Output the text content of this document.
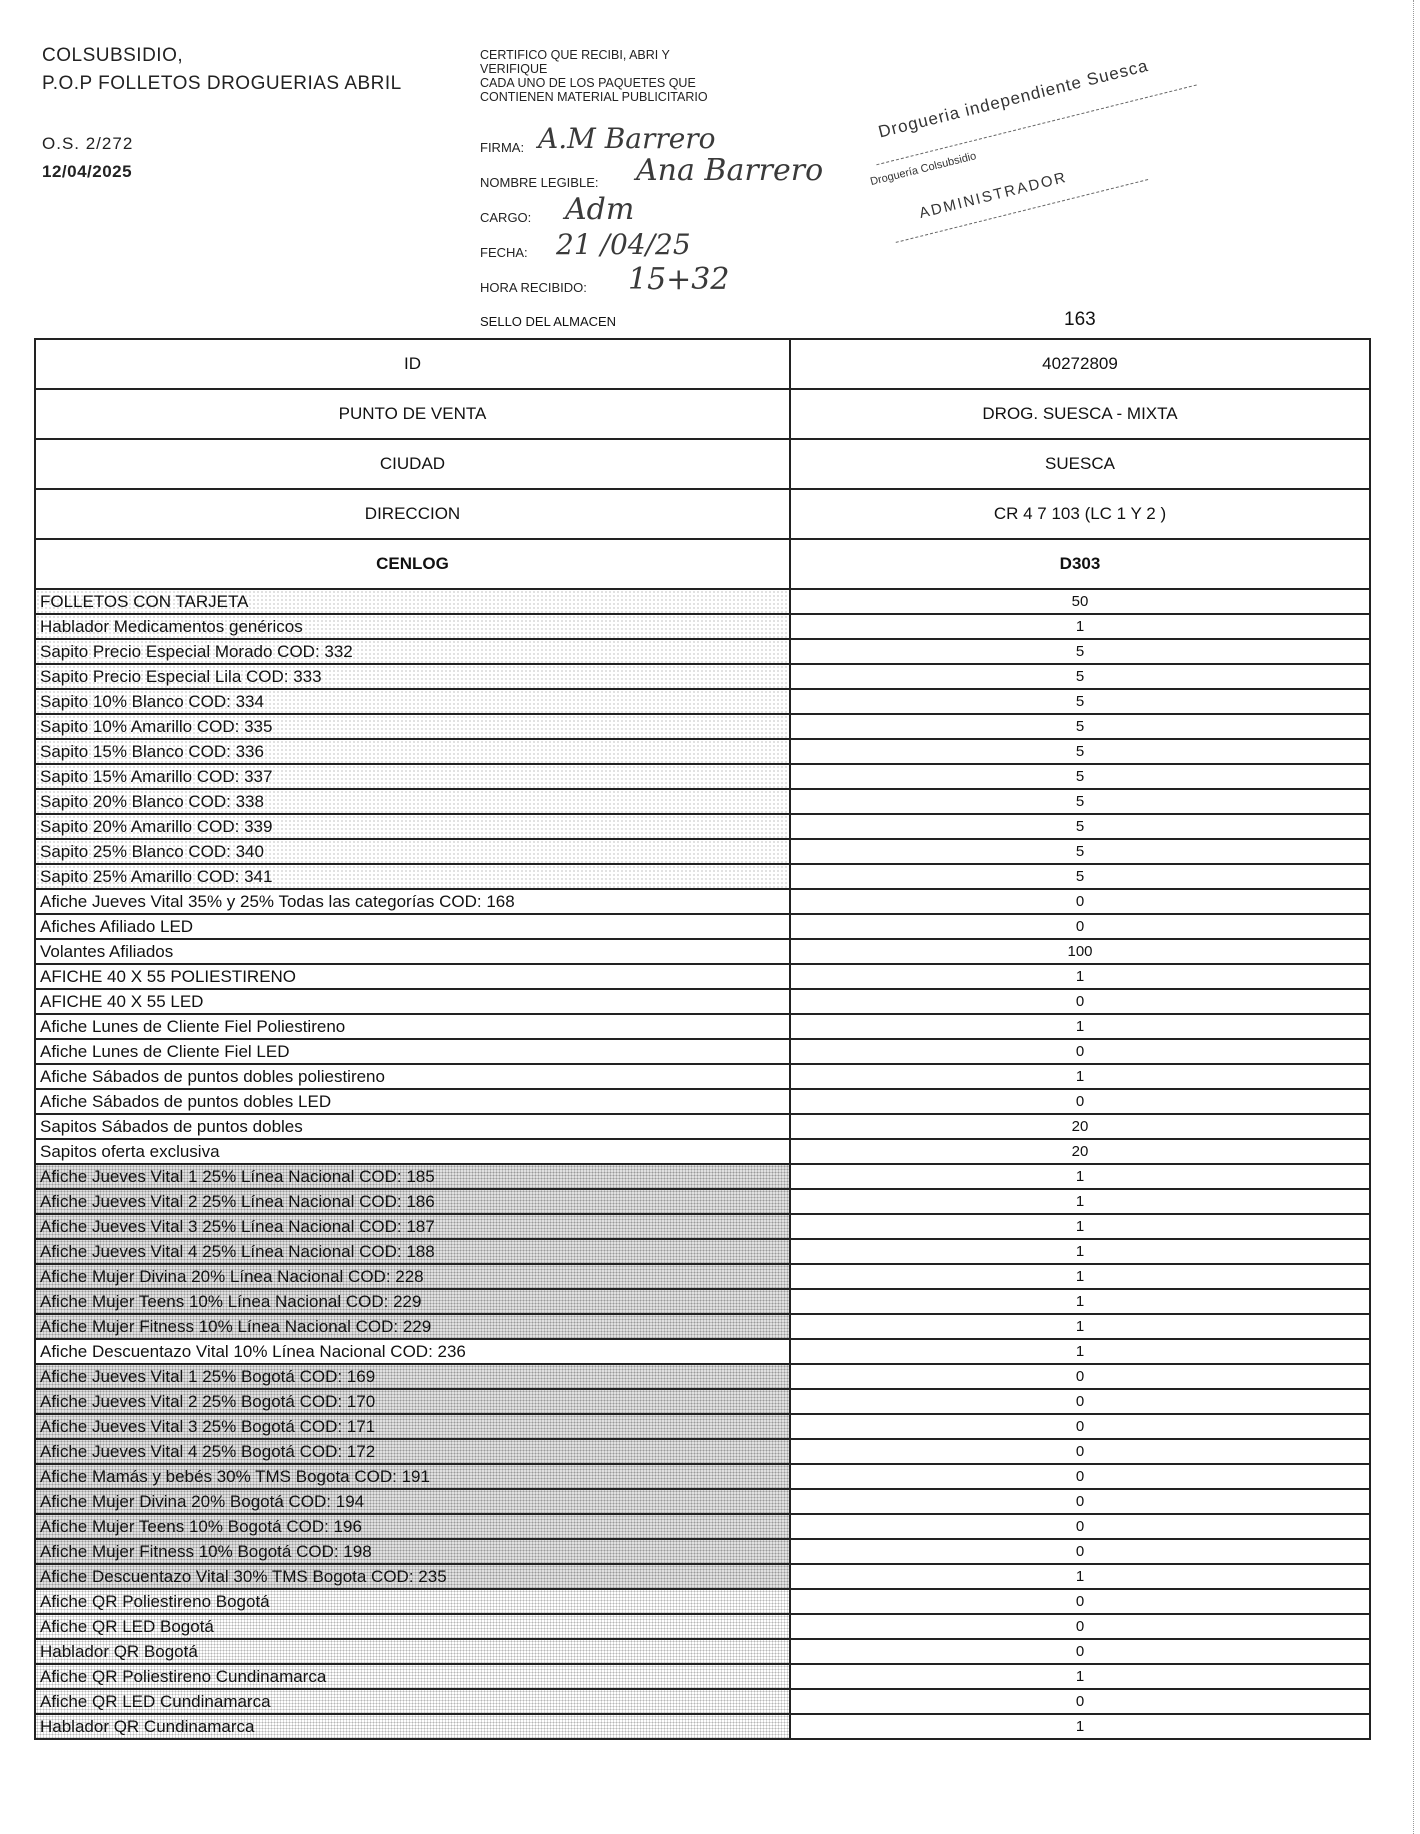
COLSUBSIDIO,
P.O.P FOLLETOS DROGUERIAS ABRIL
O.S. 2/272
12/04/2025
CERTIFICO QUE RECIBI, ABRI Y
VERIFIQUE
CADA UNO DE LOS PAQUETES QUE
CONTIENEN MATERIAL PUBLICITARIO
FIRMA: A.M Barrero
NOMBRE LEGIBLE: Ana Barrero
CARGO: Adm
FECHA: 21 /04/25
HORA RECIBIDO: 15+32
Drogueria independiente Suesca
Droguería Colsubsidio
ADMINISTRADOR
163
SELLO DEL ALMACEN
ID	40272809
PUNTO DE VENTA	DROG. SUESCA - MIXTA
CIUDAD	SUESCA
DIRECCION	CR 4 7 103 (LC 1 Y 2 )
CENLOG	D303
FOLLETOS CON TARJETA	50
Hablador Medicamentos genéricos	1
Sapito Precio Especial Morado COD: 332	5
Sapito Precio Especial Lila COD: 333	5
Sapito 10% Blanco COD: 334	5
Sapito 10% Amarillo COD: 335	5
Sapito 15% Blanco COD: 336	5
Sapito 15% Amarillo COD: 337	5
Sapito 20% Blanco COD: 338	5
Sapito 20% Amarillo COD: 339	5
Sapito 25% Blanco COD: 340	5
Sapito 25% Amarillo COD: 341	5
Afiche Jueves Vital 35% y 25% Todas las categorías COD: 168	0
Afiches Afiliado LED	0
Volantes Afiliados	100
AFICHE 40 X 55 POLIESTIRENO	1
AFICHE 40 X 55 LED	0
Afiche Lunes de Cliente Fiel Poliestireno	1
Afiche Lunes de Cliente Fiel LED	0
Afiche Sábados de puntos dobles poliestireno	1
Afiche Sábados de puntos dobles LED	0
Sapitos Sábados de puntos dobles	20
Sapitos oferta exclusiva	20
Afiche Jueves Vital 1 25% Línea Nacional COD: 185	1
Afiche Jueves Vital 2 25% Línea Nacional COD: 186	1
Afiche Jueves Vital 3 25% Línea Nacional COD: 187	1
Afiche Jueves Vital 4 25% Línea Nacional COD: 188	1
Afiche Mujer Divina 20% Línea Nacional COD: 228	1
Afiche Mujer Teens 10% Línea Nacional COD: 229	1
Afiche Mujer Fitness 10% Línea Nacional COD: 229	1
Afiche Descuentazo Vital 10% Línea Nacional COD: 236	1
Afiche Jueves Vital 1 25% Bogotá COD: 169	0
Afiche Jueves Vital 2 25% Bogotá COD: 170	0
Afiche Jueves Vital 3 25% Bogotá COD: 171	0
Afiche Jueves Vital 4 25% Bogotá COD: 172	0
Afiche Mamás y bebés 30% TMS Bogota COD: 191	0
Afiche Mujer Divina 20% Bogotá COD: 194	0
Afiche Mujer Teens 10% Bogotá COD: 196	0
Afiche Mujer Fitness 10% Bogotá COD: 198	0
Afiche Descuentazo Vital 30% TMS Bogota COD: 235	1
Afiche QR Poliestireno Bogotá	0
Afiche QR LED Bogotá	0
Hablador QR Bogotá	0
Afiche QR Poliestireno Cundinamarca	1
Afiche QR LED Cundinamarca	0
Hablador QR Cundinamarca	1
